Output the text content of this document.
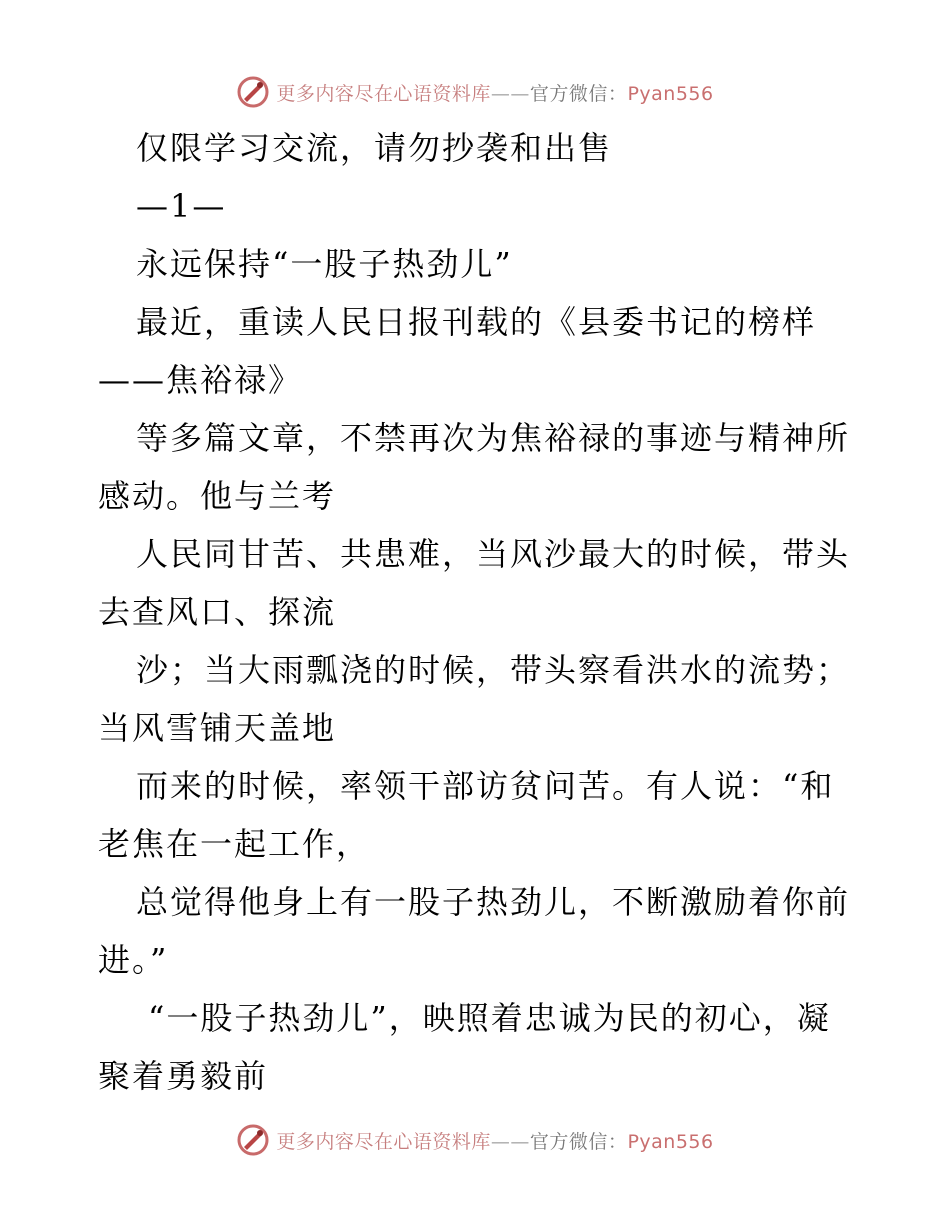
更多内容尽在心语资料库——官方微信：Pyan556
仅限学习交流，请勿抄袭和出售
—1—
永远保持“一股子热劲儿”
最近，重读人民日报刊载的《县委书记的榜样
——焦裕禄》
等多篇文章，不禁再次为焦裕禄的事迹与精神所
感动。他与兰考
人民同甘苦、共患难，当风沙最大的时候，带头
去查风口、探流
沙；当大雨瓢浇的时候，带头察看洪水的流势；
当风雪铺天盖地
而来的时候，率领干部访贫问苦。有人说：“和
老焦在一起工作，
总觉得他身上有一股子热劲儿，不断激励着你前
进。”
“一股子热劲儿”，映照着忠诚为民的初心，凝
聚着勇毅前
更多内容尽在心语资料库——官方微信：Pyan556
